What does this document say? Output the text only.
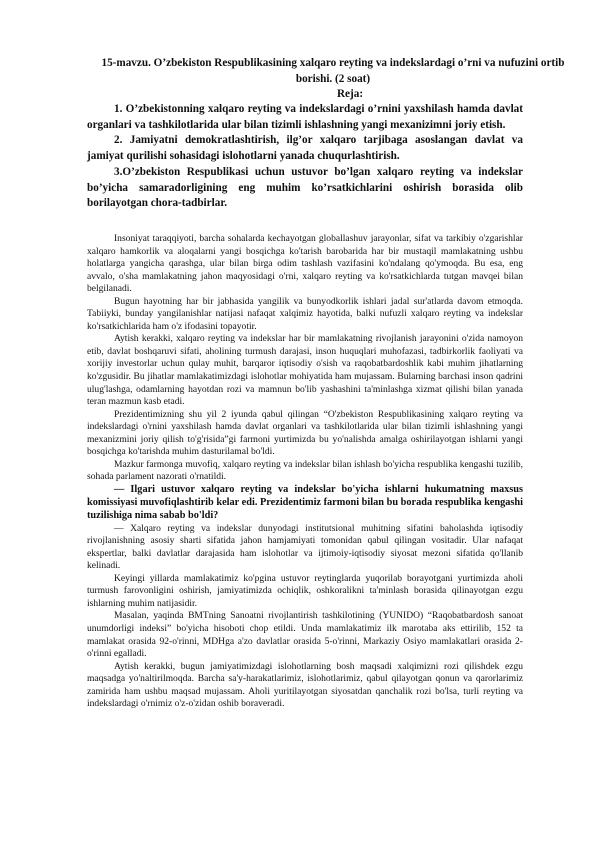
15-mavzu. O’zbekiston Respublikasining xalqaro reyting va indekslardagi o’rni va nufuzini ortib borishi. (2 soat)
Reja:

1. O’zbekistonning xalqaro reyting va indekslardagi o’rnini yaxshilash hamda davlat organlari va tashkilotlarida ular bilan tizimli ishlashning yangi mexanizimni joriy etish.

2. Jamiyatni demokratlashtirish, ilg’or xalqaro tarjibaga asoslangan davlat va jamiyat qurilishi sohasidagi islohotlarni yanada chuqurlashtirish.

3.O’zbekiston Respublikasi uchun ustuvor bo’lgan xalqaro reyting va indekslar bo’yicha samaradorligining eng muhim ko’rsatkichlarini oshirish borasida olib borilayotgan chora-tadbirlar.

Insoniyat taraqqiyoti, barcha sohalarda kechayotgan globallashuv jarayonlar, sifat va tarkibiy o'zgarishlar xalqaro hamkorlik va aloqalarni yangi bosqichga ko'tarish barobarida har bir mustaqil mamlakatning ushbu holatlarga yangicha qarashga, ular bilan birga odim tashlash vazifasini ko'ndalang qo'ymoqda. Bu esa, eng avvalo, o'sha mamlakatning jahon maqyosidagi o'rni, xalqaro reyting va ko'rsatkichlarda tutgan mavqei bilan belgilanadi.

Bugun hayotning har bir jabhasida yangilik va bunyodkorlik ishlari jadal sur'atlarda davom etmoqda. Tabiiyki, bunday yangilanishlar natijasi nafaqat xalqimiz hayotida, balki nufuzli xalqaro reyting va indekslar ko'rsatkichlarida ham o'z ifodasini topayotir.

Aytish kerakki, xalqaro reyting va indekslar har bir mamlakatning rivojlanish jarayonini o'zida namoyon etib, davlat boshqaruvi sifati, aholining turmush darajasi, inson huquqlari muhofazasi, tadbirkorlik faoliyati va xorijiy investorlar uchun qulay muhit, barqaror iqtisodiy o'sish va raqobatbardoshlik kabi muhim jihatlarning ko'zgusidir. Bu jihatlar mamlakatimizdagi islohotlar mohiyatida ham mujassam. Bularning barchasi inson qadrini ulug'lashga, odamlarning hayotdan rozi va mamnun bo'lib yashashini ta'minlashga xizmat qilishi bilan yanada teran mazmun kasb etadi.

Prezidentimizning shu yil 2 iyunda qabul qilingan “O'zbekiston Respublikasining xalqaro reyting va indekslardagi o'rnini yaxshilash hamda davlat organlari va tashkilotlarida ular bilan tizimli ishlashning yangi mexanizmini joriy qilish to'g'risida”gi farmoni yurtimizda bu yo'nalishda amalga oshirilayotgan ishlarni yangi bosqichga ko'tarishda muhim dasturilamal bo'ldi.

Mazkur farmonga muvofiq, xalqaro reyting va indekslar bilan ishlash bo'yicha respublika kengashi tuzilib, sohada parlament nazorati o'rnatildi.

— Ilgari ustuvor xalqaro reyting va indekslar bo'yicha ishlarni hukumatning maxsus komissiyasi muvofiqlashtirib kelar edi. Prezidentimiz farmoni bilan bu borada respublika kengashi tuzilishiga nima sabab bo'ldi?

— Xalqaro reyting va indekslar dunyodagi institutsional muhitning sifatini baholashda iqtisodiy rivojlanishning asosiy sharti sifatida jahon hamjamiyati tomonidan qabul qilingan vositadir. Ular nafaqat ekspertlar, balki davlatlar darajasida ham islohotlar va ijtimoiy-iqtisodiy siyosat mezoni sifatida qo'llanib kelinadi.

Keyingi yillarda mamlakatimiz ko'pgina ustuvor reytinglarda yuqorilab borayotgani yurtimizda aholi turmush farovonligini oshirish, jamiyatimizda ochiqlik, oshkoralikni ta'minlash borasida qilinayotgan ezgu ishlarning muhim natijasidir.

Masalan, yaqinda BMTning Sanoatni rivojlantirish tashkilotining (YUNIDO) “Raqobatbardosh sanoat unumdorligi indeksi” bo'yicha hisoboti chop etildi. Unda mamlakatimiz ilk marotaba aks ettirilib, 152 ta mamlakat orasida 92-o'rinni, MDHga a'zo davlatlar orasida 5-o'rinni, Markaziy Osiyo mamlakatlari orasida 2-o'rinni egalladi.

Aytish kerakki, bugun jamiyatimizdagi islohotlarning bosh maqsadi xalqimizni rozi qilishdek ezgu maqsadga yo'naltirilmoqda. Barcha sa'y-harakatlarimiz, islohotlarimiz, qabul qilayotgan qonun va qarorlarimiz zamirida ham ushbu maqsad mujassam. Aholi yuritilayotgan siyosatdan qanchalik rozi bo'lsa, turli reyting va indekslardagi o'rnimiz o'z-o'zidan oshib boraveradi.
